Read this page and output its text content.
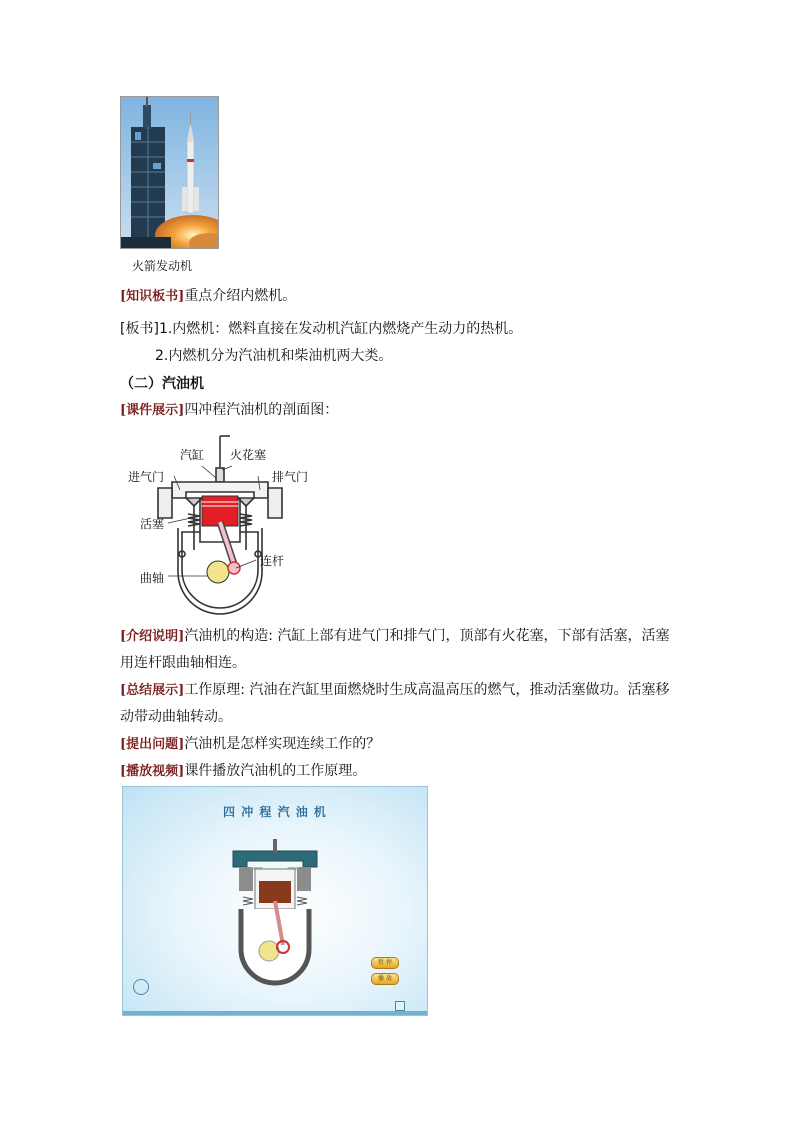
火箭发动机
[知识板书]重点介绍内燃机。
[板书]1.内燃机：燃料直接在发动机汽缸内燃烧产生动力的热机。
2.内燃机分为汽油机和柴油机两大类。
（二）汽油机
[课件展示]四冲程汽油机的剖面图：
汽缸 火花塞
进气门	排气门
活塞
连杆
曲轴
[介绍说明]汽油机的构造: 汽缸上部有进气门和排气门，顶部有火花塞，下部有活塞，活塞
用连杆跟曲轴相连。
[总结展示]工作原理: 汽油在汽缸里面燃烧时生成高温高压的燃气，推动活塞做功。活塞移
动带动曲轴转动。
[提出问题]汽油机是怎样实现连续工作的？
[播放视频]课件播放汽油机的工作原理。
四 冲 程 汽 油 机
暂 停
播 放
